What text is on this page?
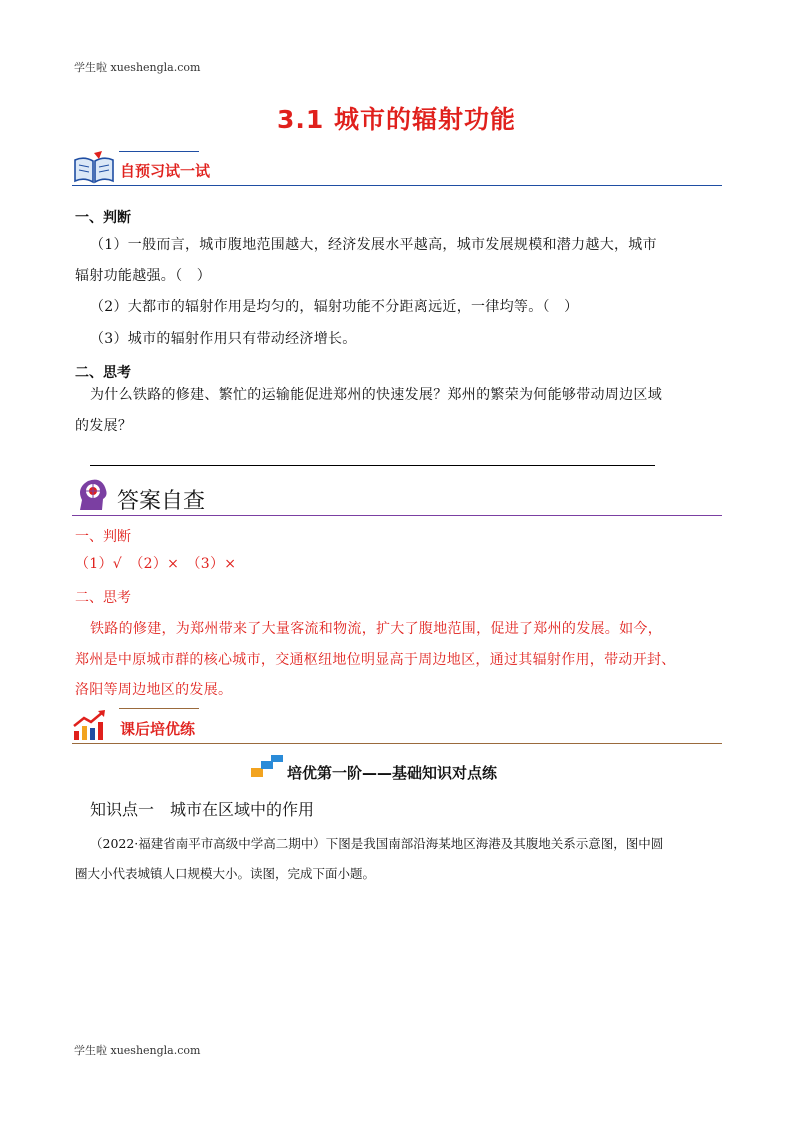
学生啦 xueshengla.com
学生啦 xueshengla.com
3.1 城市的辐射功能
自预习试一试
一、判断
（1）一般而言，城市腹地范围越大，经济发展水平越高，城市发展规模和潜力越大，城市
辐射功能越强。（　）
（2）大都市的辐射作用是均匀的，辐射功能不分距离远近，一律均等。（　）
（3）城市的辐射作用只有带动经济增长。
二、思考
为什么铁路的修建、繁忙的运输能促进郑州的快速发展？郑州的繁荣为何能够带动周边区域
的发展？
答案自查
一、判断
（1）√　（2）×　（3）×
二、思考
铁路的修建，为郑州带来了大量客流和物流，扩大了腹地范围，促进了郑州的发展。如今，
郑州是中原城市群的核心城市，交通枢纽地位明显高于周边地区，通过其辐射作用，带动开封、
洛阳等周边地区的发展。
课后培优练
培优第一阶——基础知识对点练
知识点一　城市在区域中的作用
（2022·福建省南平市高级中学高二期中）下图是我国南部沿海某地区海港及其腹地关系示意图，图中圆
圈大小代表城镇人口规模大小。读图，完成下面小题。
